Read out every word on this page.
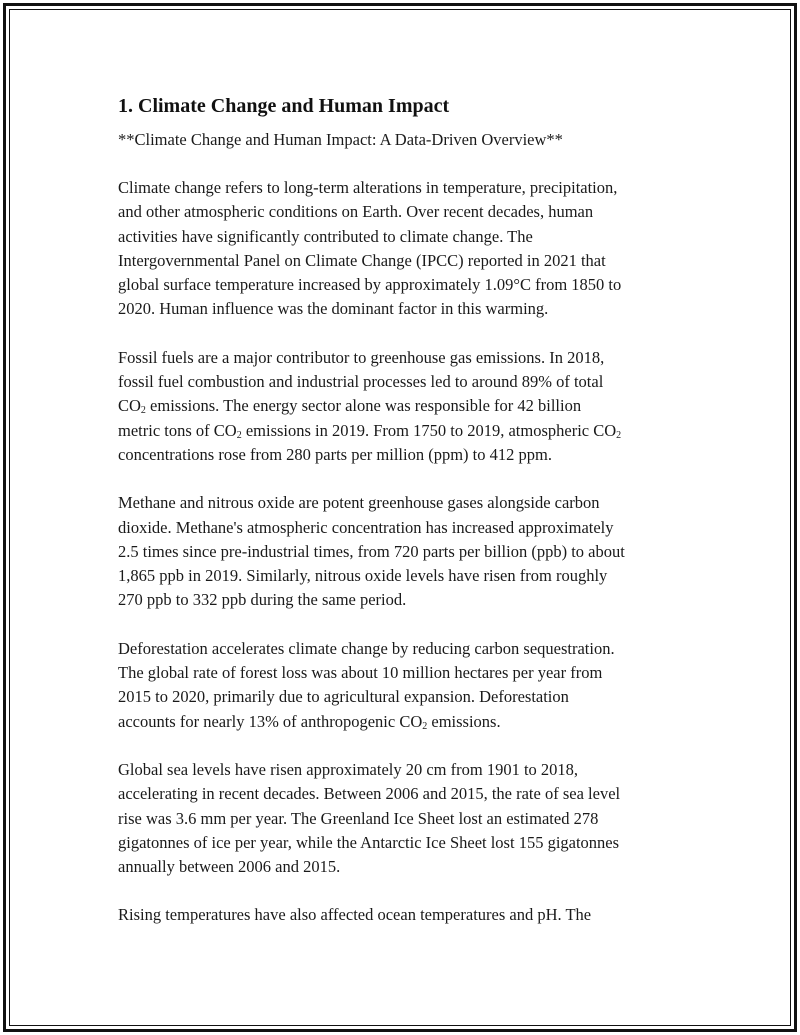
1. Climate Change and Human Impact
**Climate Change and Human Impact: A Data-Driven Overview**
Climate change refers to long-term alterations in temperature, precipitation,
and other atmospheric conditions on Earth. Over recent decades, human
activities have significantly contributed to climate change. The
Intergovernmental Panel on Climate Change (IPCC) reported in 2021 that
global surface temperature increased by approximately 1.09°C from 1850 to
2020. Human influence was the dominant factor in this warming.
Fossil fuels are a major contributor to greenhouse gas emissions. In 2018,
fossil fuel combustion and industrial processes led to around 89% of total
$CO_2$ emissions. The energy sector alone was responsible for 42 billion
metric tons of $CO_2$ emissions in 2019. From 1750 to 2019, atmospheric $CO_2$
concentrations rose from 280 parts per million (ppm) to 412 ppm.
Methane and nitrous oxide are potent greenhouse gases alongside carbon
dioxide. Methane's atmospheric concentration has increased approximately
2.5 times since pre-industrial times, from 720 parts per billion (ppb) to about
1,865 ppb in 2019. Similarly, nitrous oxide levels have risen from roughly
270 ppb to 332 ppb during the same period.
Deforestation accelerates climate change by reducing carbon sequestration.
The global rate of forest loss was about 10 million hectares per year from
2015 to 2020, primarily due to agricultural expansion. Deforestation
accounts for nearly 13% of anthropogenic $CO_2$ emissions.
Global sea levels have risen approximately 20 cm from 1901 to 2018,
accelerating in recent decades. Between 2006 and 2015, the rate of sea level
rise was 3.6 mm per year. The Greenland Ice Sheet lost an estimated 278
gigatonnes of ice per year, while the Antarctic Ice Sheet lost 155 gigatonnes
annually between 2006 and 2015.
Rising temperatures have also affected ocean temperatures and pH. The
